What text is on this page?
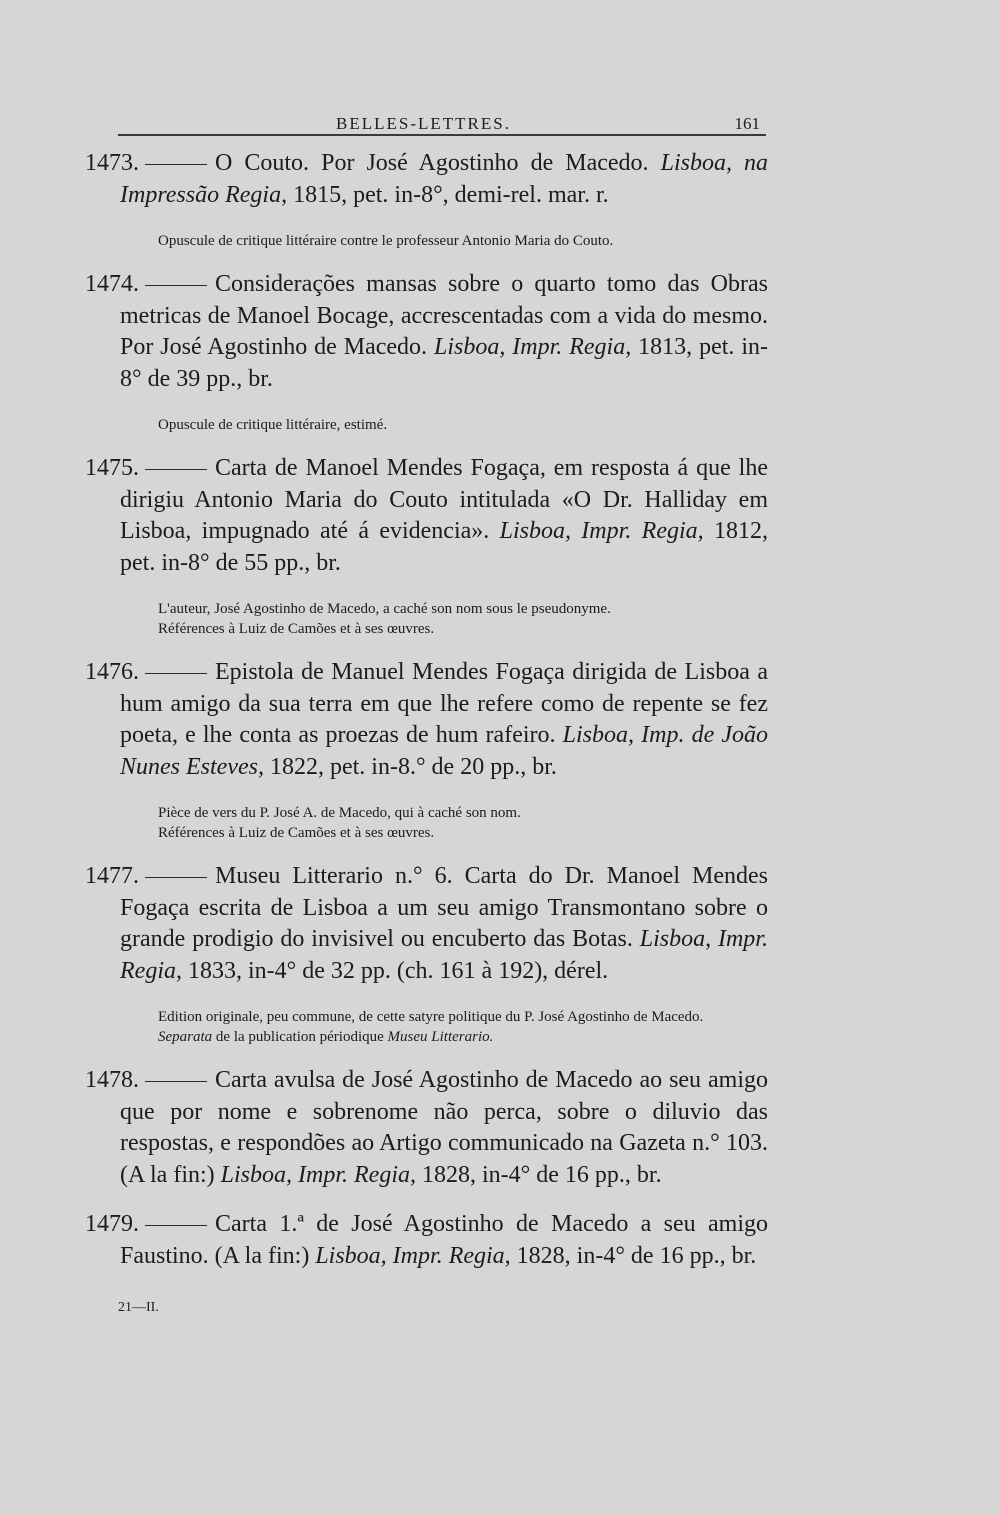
BELLES-LETTRES.	161

1473.	O Couto. Por José Agostinho de Macedo. Lisboa, na Impressão Regia, 1815, pet. in-8°, demi-rel. mar. r.

Opuscule de critique littéraire contre le professeur Antonio Maria do Couto.

1474.	Considerações mansas sobre o quarto tomo das Obras metricas de Manoel Bocage, accrescentadas com a vida do mesmo. Por José Agostinho de Macedo. Lisboa, Impr. Regia, 1813, pet. in-8° de 39 pp., br.

Opuscule de critique littéraire, estimé.

1475.	Carta de Manoel Mendes Fogaça, em resposta á que lhe dirigiu Antonio Maria do Couto intitulada «O Dr. Halliday em Lisboa, impugnado até á evidencia». Lisboa, Impr. Regia, 1812, pet. in-8° de 55 pp., br.

L'auteur, José Agostinho de Macedo, a caché son nom sous le pseudonyme.

Références à Luiz de Camões et à ses œuvres.

1476.	Epistola de Manuel Mendes Fogaça dirigida de Lisboa a hum amigo da sua terra em que lhe refere como de repente se fez poeta, e lhe conta as proezas de hum rafeiro. Lisboa, Imp. de João Nunes Esteves, 1822, pet. in-8.° de 20 pp., br.

Pièce de vers du P. José A. de Macedo, qui à caché son nom.

Références à Luiz de Camões et à ses œuvres.

1477.	Museu Litterario n.° 6. Carta do Dr. Manoel Mendes Fogaça escrita de Lisboa a um seu amigo Transmontano sobre o grande prodigio do invisivel ou encuberto das Botas. Lisboa, Impr. Regia, 1833, in-4° de 32 pp. (ch. 161 à 192), dérel.

Edition originale, peu commune, de cette satyre politique du P. José Agostinho de Macedo.

Separata de la publication périodique Museu Litterario.

1478.	Carta avulsa de José Agostinho de Macedo ao seu amigo que por nome e sobrenome não perca, sobre o diluvio das respostas, e respondões ao Artigo communicado na Gazeta n.° 103. (A la fin:) Lisboa, Impr. Regia, 1828, in-4° de 16 pp., br.

1479.	Carta 1.ª de José Agostinho de Macedo a seu amigo Faustino. (A la fin:) Lisboa, Impr. Regia, 1828, in-4° de 16 pp., br.

21—II.
